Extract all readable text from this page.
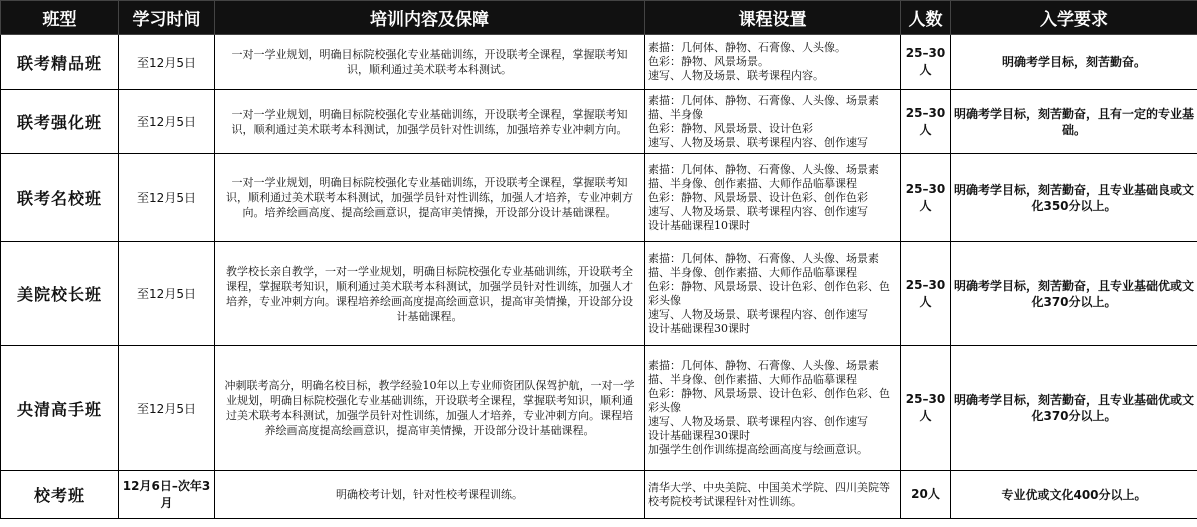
班型	学习时间	培训内容及保障	课程设置	人数	入学要求
联考精品班	至12月5日	一对一学业规划，明确目标院校强化专业基础训练，开设联考全课程，掌握联考知识，顺利通过美术联考本科测试。	素描：几何体、静物、石膏像、人头像。
色彩：静物、风景场景。
速写、人物及场景、联考课程内容。	25–30人	明确考学目标，刻苦勤奋。
联考强化班	至12月5日	一对一学业规划，明确目标院校强化专业基础训练，开设联考全课程，掌握联考知识，顺利通过美术联考本科测试，加强学员针对性训练，加强培养专业冲刺方向。	素描：几何体、静物、石膏像、人头像、场景素描、半身像
色彩：静物、风景场景、设计色彩
速写、人物及场景、联考课程内容、创作速写	25–30人	明确考学目标，刻苦勤奋，且有一定的专业基础。
联考名校班	至12月5日	一对一学业规划，明确目标院校强化专业基础训练，开设联考全课程，掌握联考知识，顺利通过美术联考本科测试，加强学员针对性训练，加强人才培养，专业冲刺方向。培养绘画高度、提高绘画意识，提高审美情操，开设部分设计基础课程。	素描：几何体、静物、石膏像、人头像、场景素描、半身像、创作素描、大师作品临摹课程
色彩：静物、风景场景、设计色彩、创作色彩
速写、人物及场景、联考课程内容、创作速写
设计基础课程10课时	25–30人	明确考学目标，刻苦勤奋，且专业基础良或文化350分以上。
美院校长班	至12月5日	教学校长亲自教学，一对一学业规划，明确目标院校强化专业基础训练，开设联考全课程，掌握联考知识，顺利通过美术联考本科测试，加强学员针对性训练，加强人才培养，专业冲刺方向。课程培养绘画高度提高绘画意识，提高审美情操，开设部分设计基础课程。	素描：几何体、静物、石膏像、人头像、场景素描、半身像、创作素描、大师作品临摹课程
色彩：静物、风景场景、设计色彩、创作色彩、色彩头像
速写、人物及场景、联考课程内容、创作速写
设计基础课程30课时	25–30人	明确考学目标，刻苦勤奋，且专业基础优或文化370分以上。
央清高手班	至12月5日	冲刺联考高分，明确名校目标，教学经验10年以上专业师资团队保驾护航，一对一学业规划，明确目标院校强化专业基础训练，开设联考全课程，掌握联考知识，顺利通过美术联考本科测试，加强学员针对性训练，加强人才培养，专业冲刺方向。课程培养绘画高度提高绘画意识，提高审美情操，开设部分设计基础课程。	素描：几何体、静物、石膏像、人头像、场景素描、半身像、创作素描、大师作品临摹课程
色彩：静物、风景场景、设计色彩、创作色彩、色彩头像
速写、人物及场景、联考课程内容、创作速写
设计基础课程30课时
加强学生创作训练提高绘画高度与绘画意识。	25–30人	明确考学目标，刻苦勤奋，且专业基础优或文化370分以上。
校考班	12月6日–次年3月	明确校考计划，针对性校考课程训练。	清华大学、中央美院、中国美术学院、四川美院等校考院校考试课程针对性训练。	20人	专业优或文化400分以上。
